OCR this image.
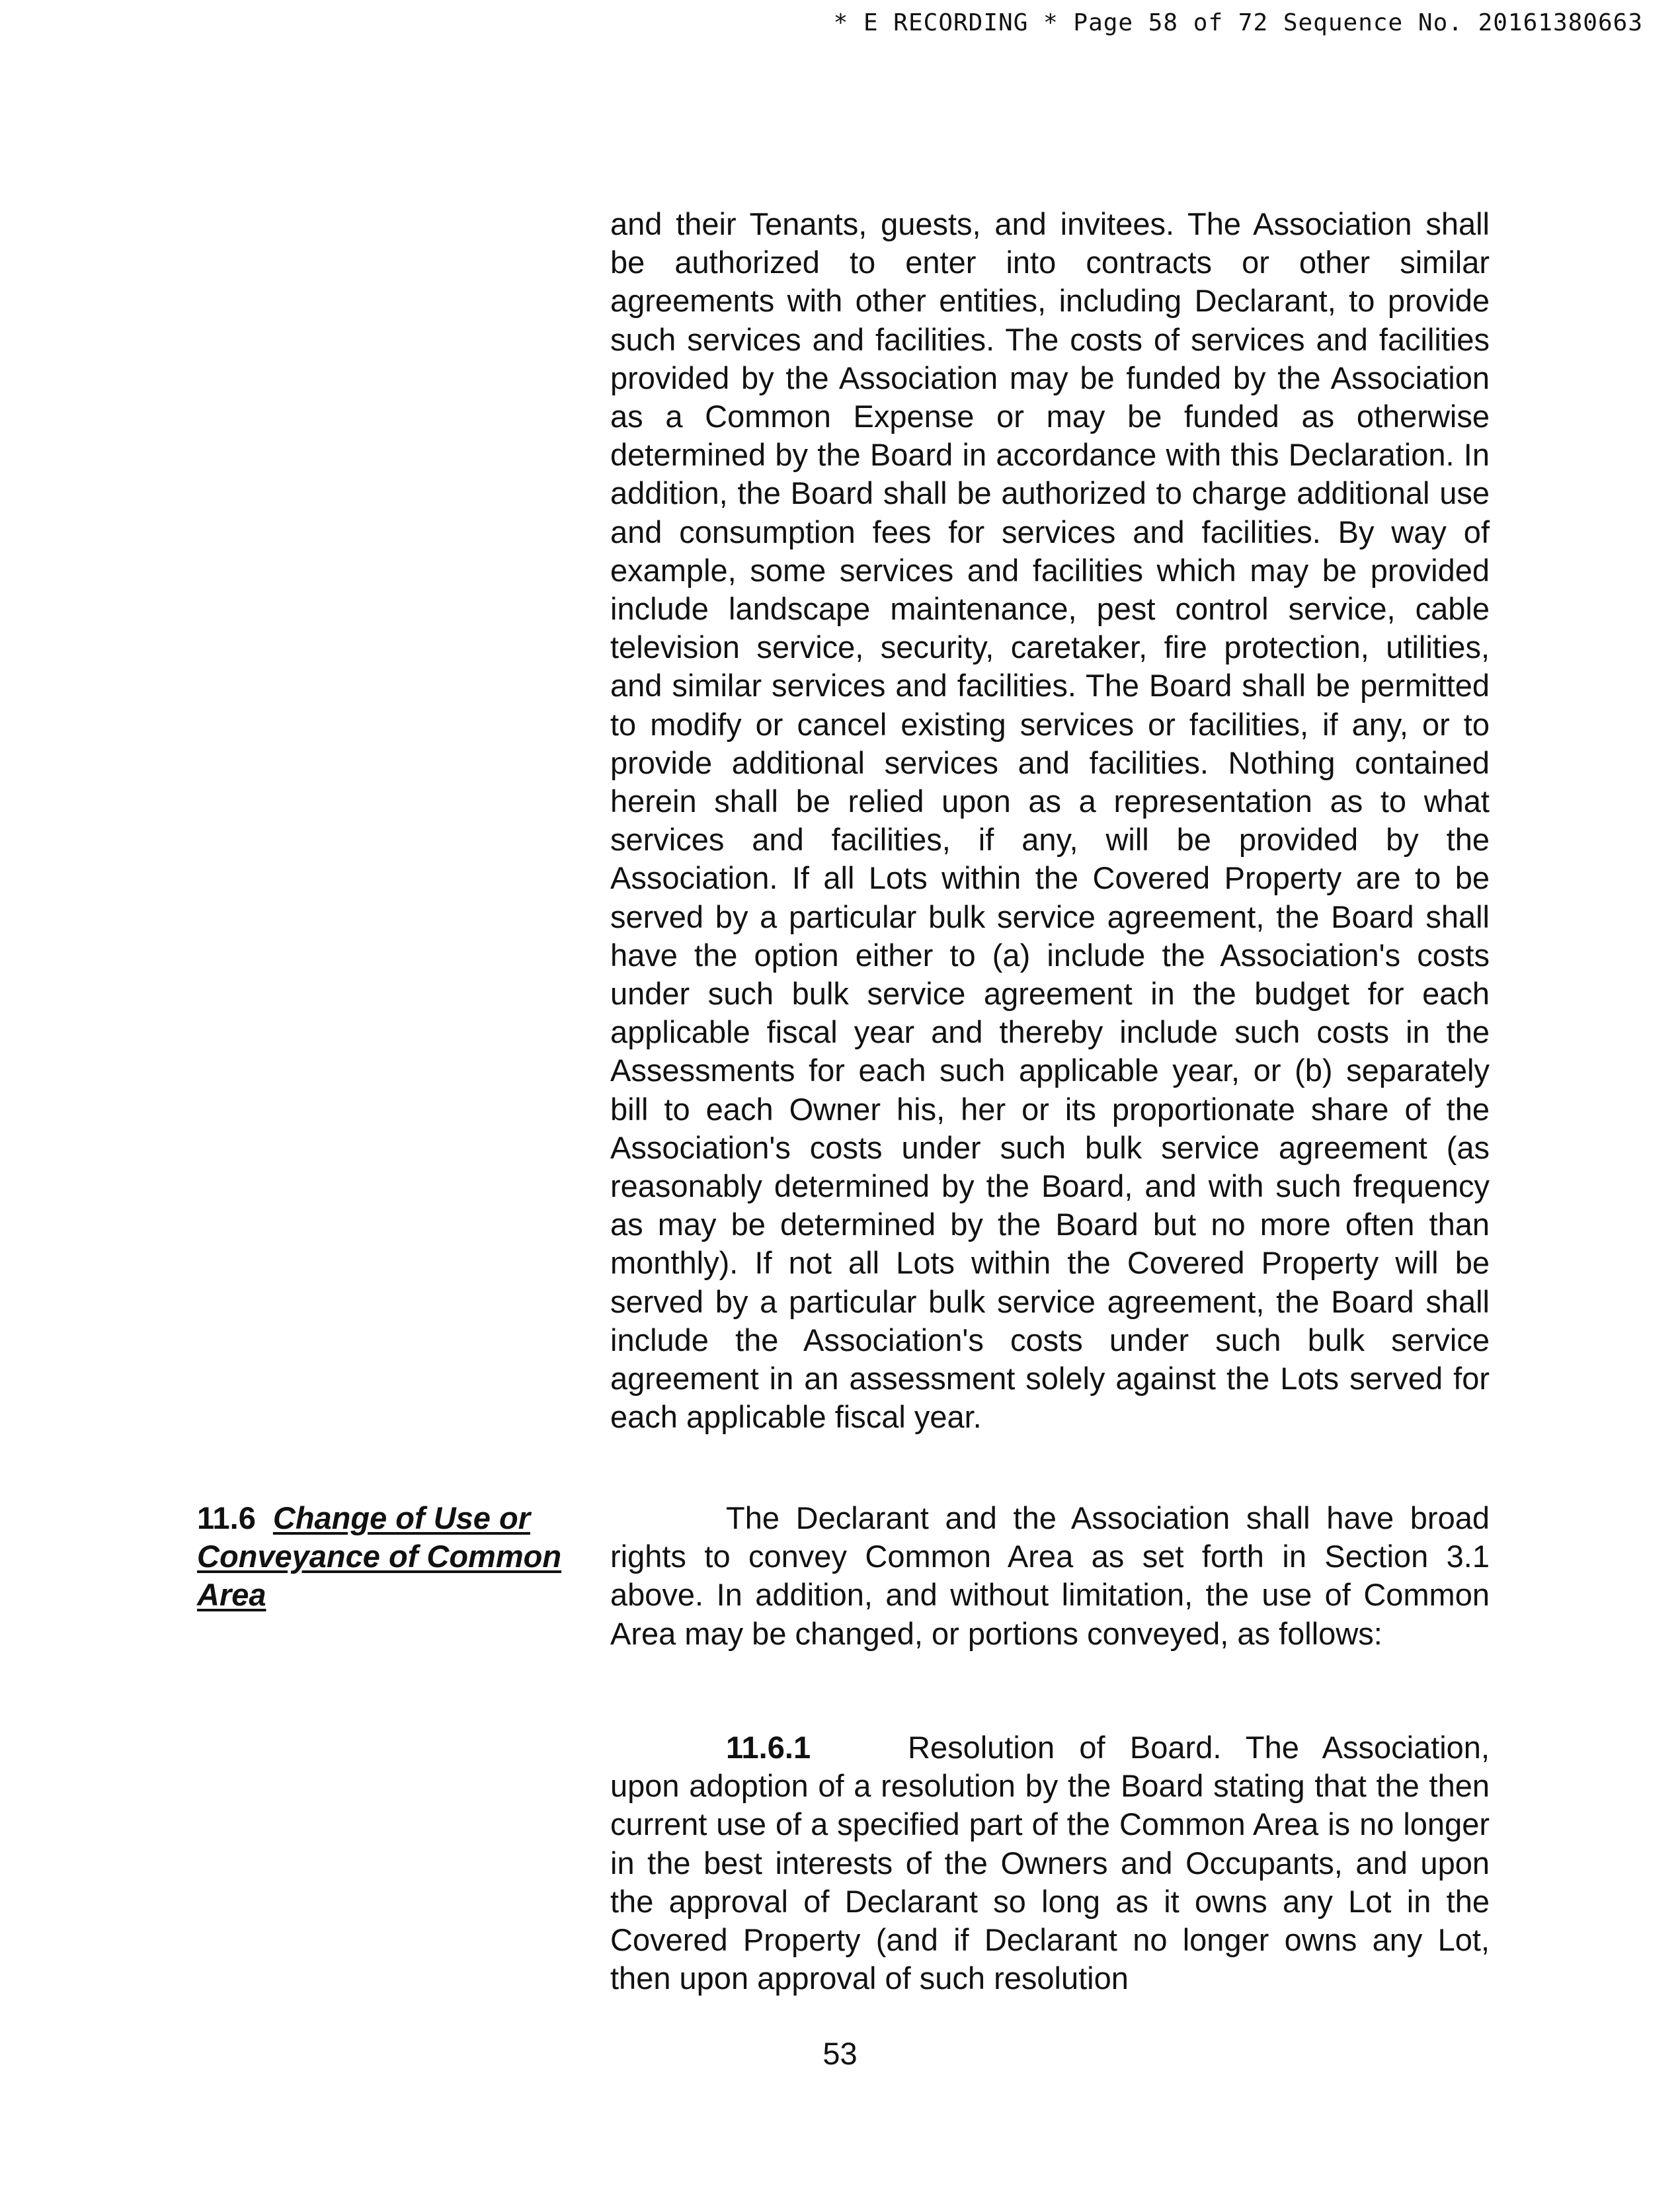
* E RECORDING * Page 58 of 72 Sequence No. 20161380663

and their Tenants, guests, and invitees. The Association shall be authorized to enter into contracts or other similar agreements with other entities, including Declarant, to provide such services and facilities. The costs of services and facilities provided by the Association may be funded by the Association as a Common Expense or may be funded as otherwise determined by the Board in accordance with this Declaration. In addition, the Board shall be authorized to charge additional use and consumption fees for services and facilities. By way of example, some services and facilities which may be provided include landscape maintenance, pest control service, cable television service, security, caretaker, fire protection, utilities, and similar services and facilities. The Board shall be permitted to modify or cancel existing services or facilities, if any, or to provide additional services and facilities. Nothing contained herein shall be relied upon as a representation as to what services and facilities, if any, will be provided by the Association. If all Lots within the Covered Property are to be served by a particular bulk service agreement, the Board shall have the option either to (a) include the Association's costs under such bulk service agreement in the budget for each applicable fiscal year and thereby include such costs in the Assessments for each such applicable year, or (b) separately bill to each Owner his, her or its proportionate share of the Association's costs under such bulk service agreement (as reasonably determined by the Board, and with such frequency as may be determined by the Board but no more often than monthly). If not all Lots within the Covered Property will be served by a particular bulk service agreement, the Board shall include the Association's costs under such bulk service agreement in an assessment solely against the Lots served for each applicable fiscal year.

11.6 Change of Use or Conveyance of Common Area

The Declarant and the Association shall have broad rights to convey Common Area as set forth in Section 3.1 above. In addition, and without limitation, the use of Common Area may be changed, or portions conveyed, as follows:

11.6.1	Resolution of Board. The Association, upon adoption of a resolution by the Board stating that the then current use of a specified part of the Common Area is no longer in the best interests of the Owners and Occupants, and upon the approval of Declarant so long as it owns any Lot in the Covered Property (and if Declarant no longer owns any Lot, then upon approval of such resolution

53
